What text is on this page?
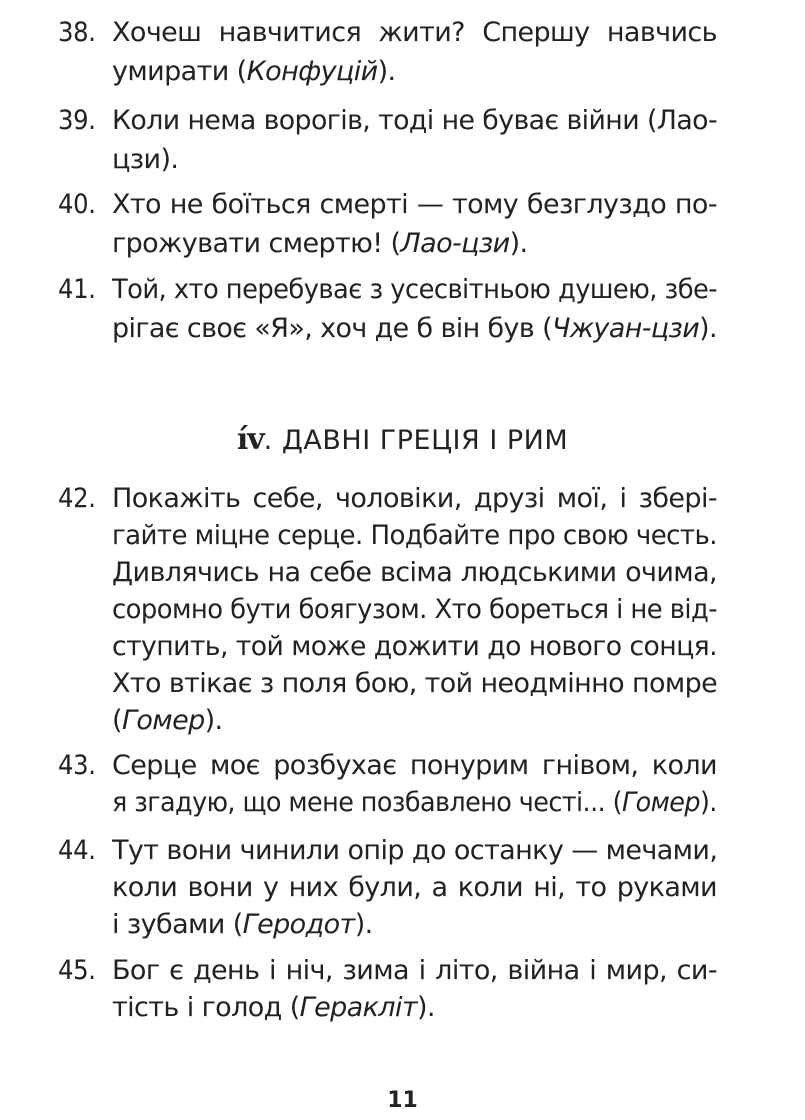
38. Хочеш навчитися жити? Спершу навчись
умирати (Конфуцій).
39. Коли нема ворогів, тоді не буває війни (Лао-
цзи).
40. Хто не боїться смерті — тому безглуздо по-
грожувати смертю! (Лао-цзи).
41. Той, хто перебуває з усесвітньою душею, збе-
рігає своє «Я», хоч де б він був (Чжуан-цзи).
ív. ДАВНІ ГРЕЦІЯ І РИМ
42. Покажіть себе, чоловіки, друзі мої, і збері-
гайте міцне серце. Подбайте про свою честь.
Дивлячись на себе всіма людськими очима,
соромно бути боягузом. Хто бореться і не від-
ступить, той може дожити до нового сонця.
Хто втікає з поля бою, той неодмінно помре
(Гомер).
43. Серце моє розбухає понурим гнівом, коли
я згадую, що мене позбавлено честі... (Гомер).
44. Тут вони чинили опір до останку — мечами,
коли вони у них були, а коли ні, то руками
і зубами (Геродот).
45. Бог є день і ніч, зима і літо, війна і мир, си-
тість і голод (Геракліт).
11
